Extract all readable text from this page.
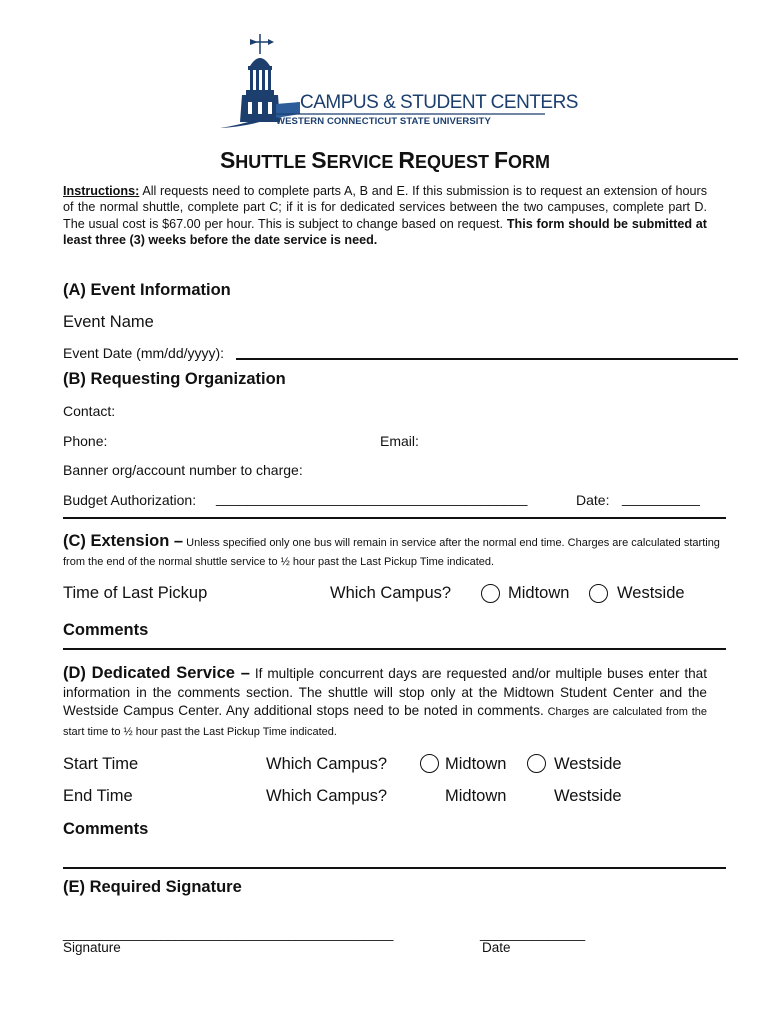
CAMPUS & STUDENT CENTERS
WESTERN CONNECTICUT STATE UNIVERSITY
SHUTTLE SERVICE REQUEST FORM
Instructions: All requests need to complete parts A, B and E. If this submission is to request an extension of hours of the normal shuttle, complete part C; if it is for dedicated services between the two campuses, complete part D. The usual cost is $67.00 per hour. This is subject to change based on request. This form should be submitted at least three (3) weeks before the date service is need.
(A) Event Information
Event Name
Event Date (mm/dd/yyyy):
(B) Requesting Organization
Contact:
Phone:	Email:
Banner org/account number to charge:
Budget Authorization: ________________________________________	Date: __________
(C) Extension – Unless specified only one bus will remain in service after the normal end time. Charges are calculated starting from the end of the normal shuttle service to ½ hour past the Last Pickup Time indicated.
Time of Last Pickup	Which Campus?	Midtown	Westside
Comments
(D) Dedicated Service – If multiple concurrent days are requested and/or multiple buses enter that information in the comments section. The shuttle will stop only at the Midtown Student Center and the Westside Campus Center. Any additional stops need to be noted in comments. Charges are calculated from the start time to ½ hour past the Last Pickup Time indicated.
Start Time	Which Campus?	Midtown	Westside
End Time	Which Campus?	Midtown	Westside
Comments
(E) Required Signature
____________________________________________	______________
Signature	Date
